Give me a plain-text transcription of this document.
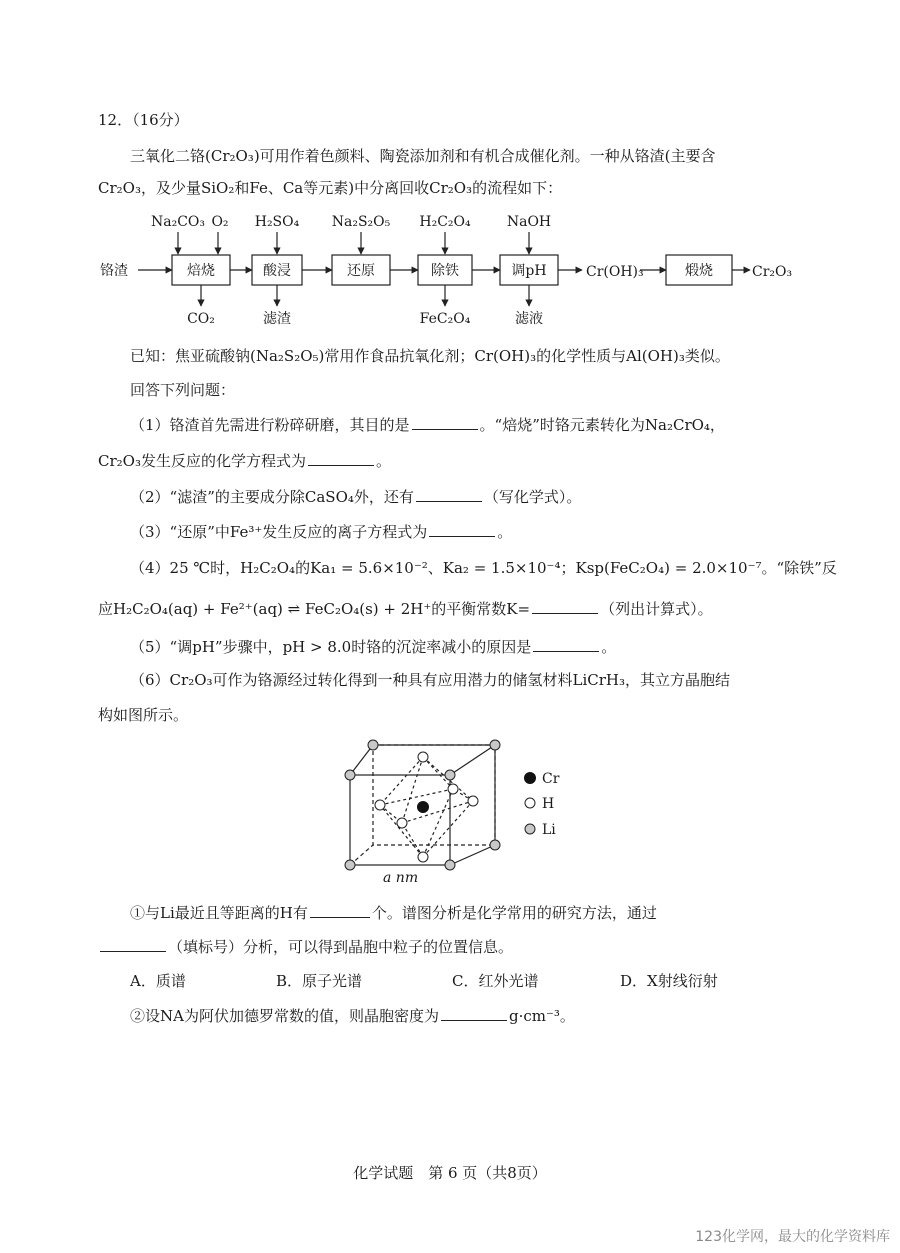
12．（16分）
三氧化二铬(Cr₂O₃)可用作着色颜料、陶瓷添加剂和有机合成催化剂。一种从铬渣(主要含
Cr₂O₃，及少量SiO₂和Fe、Ca等元素)中分离回收Cr₂O₃的流程如下：
铬渣	焙烧	酸浸	还原	除铁	调pH	煅烧
Na₂CO₃ O₂ H₂SO₄ Na₂S₂O₅ H₂C₂O₄	NaOH
CO₂	滤渣	FeC₂O₄	滤液
Cr(OH)₃	Cr₂O₃
已知：焦亚硫酸钠(Na₂S₂O₅)常用作食品抗氧化剂；Cr(OH)₃的化学性质与Al(OH)₃类似。
回答下列问题：
（1）铬渣首先需进行粉碎研磨，其目的是	。“焙烧”时铬元素转化为Na₂CrO₄，
Cr₂O₃发生反应的化学方程式为	。
（2）“滤渣”的主要成分除CaSO₄外，还有	（写化学式）。
（3）“还原”中Fe³⁺发生反应的离子方程式为	。
（4）25 ℃时，H₂C₂O₄的Ka₁ = 5.6×10⁻²、Ka₂ = 1.5×10⁻⁴；Ksp(FeC₂O₄) = 2.0×10⁻⁷。“除铁”反
应H₂C₂O₄(aq) + Fe²⁺(aq) ⇌ FeC₂O₄(s) + 2H⁺的平衡常数K=	（列出计算式）。
（5）“调pH”步骤中，pH > 8.0时铬的沉淀率减小的原因是	。
（6）Cr₂O₃可作为铬源经过转化得到一种具有应用潜力的储氢材料LiCrH₃，其立方晶胞结
构如图所示。
Cr
H
Li
a nm
①与Li最近且等距离的H有	个。谱图分析是化学常用的研究方法，通过
（填标号）分析，可以得到晶胞中粒子的位置信息。
A．质谱	B．原子光谱	C．红外光谱	D．X射线衍射
②设NA为阿伏加德罗常数的值，则晶胞密度为	g·cm⁻³。
化学试题　第 6 页（共8页）
123化学网，最大的化学资料库
